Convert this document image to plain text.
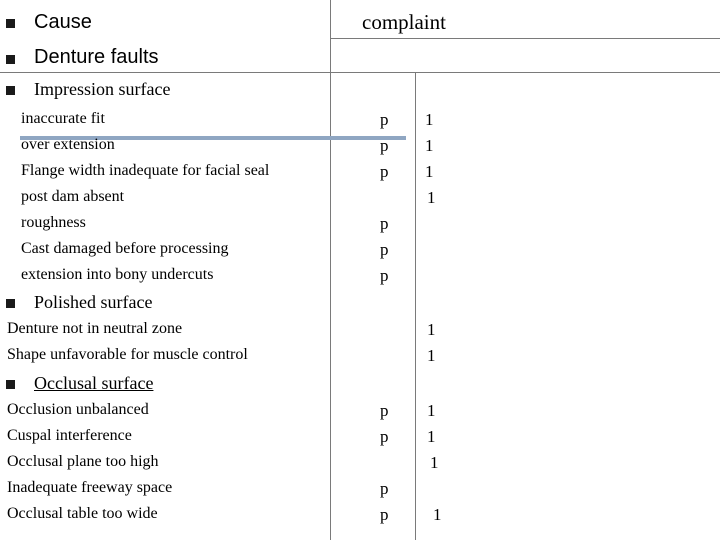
Cause	complaint
Denture faults
Impression surface
inaccurate fit
over extension
Flange width inadequate for facial seal
post dam absent
roughness
Cast damaged before processing
extension into bony undercuts
p
p
p
p
p
p
1
1
1
1
Polished surface
Denture not in neutral zone
Shape unfavorable for muscle control
1
1
Occlusal surface
Occlusion unbalanced
Cuspal interference
Occlusal plane too high
Inadequate freeway space
Occlusal table too wide
p
p
p
p
1
1
1
1
